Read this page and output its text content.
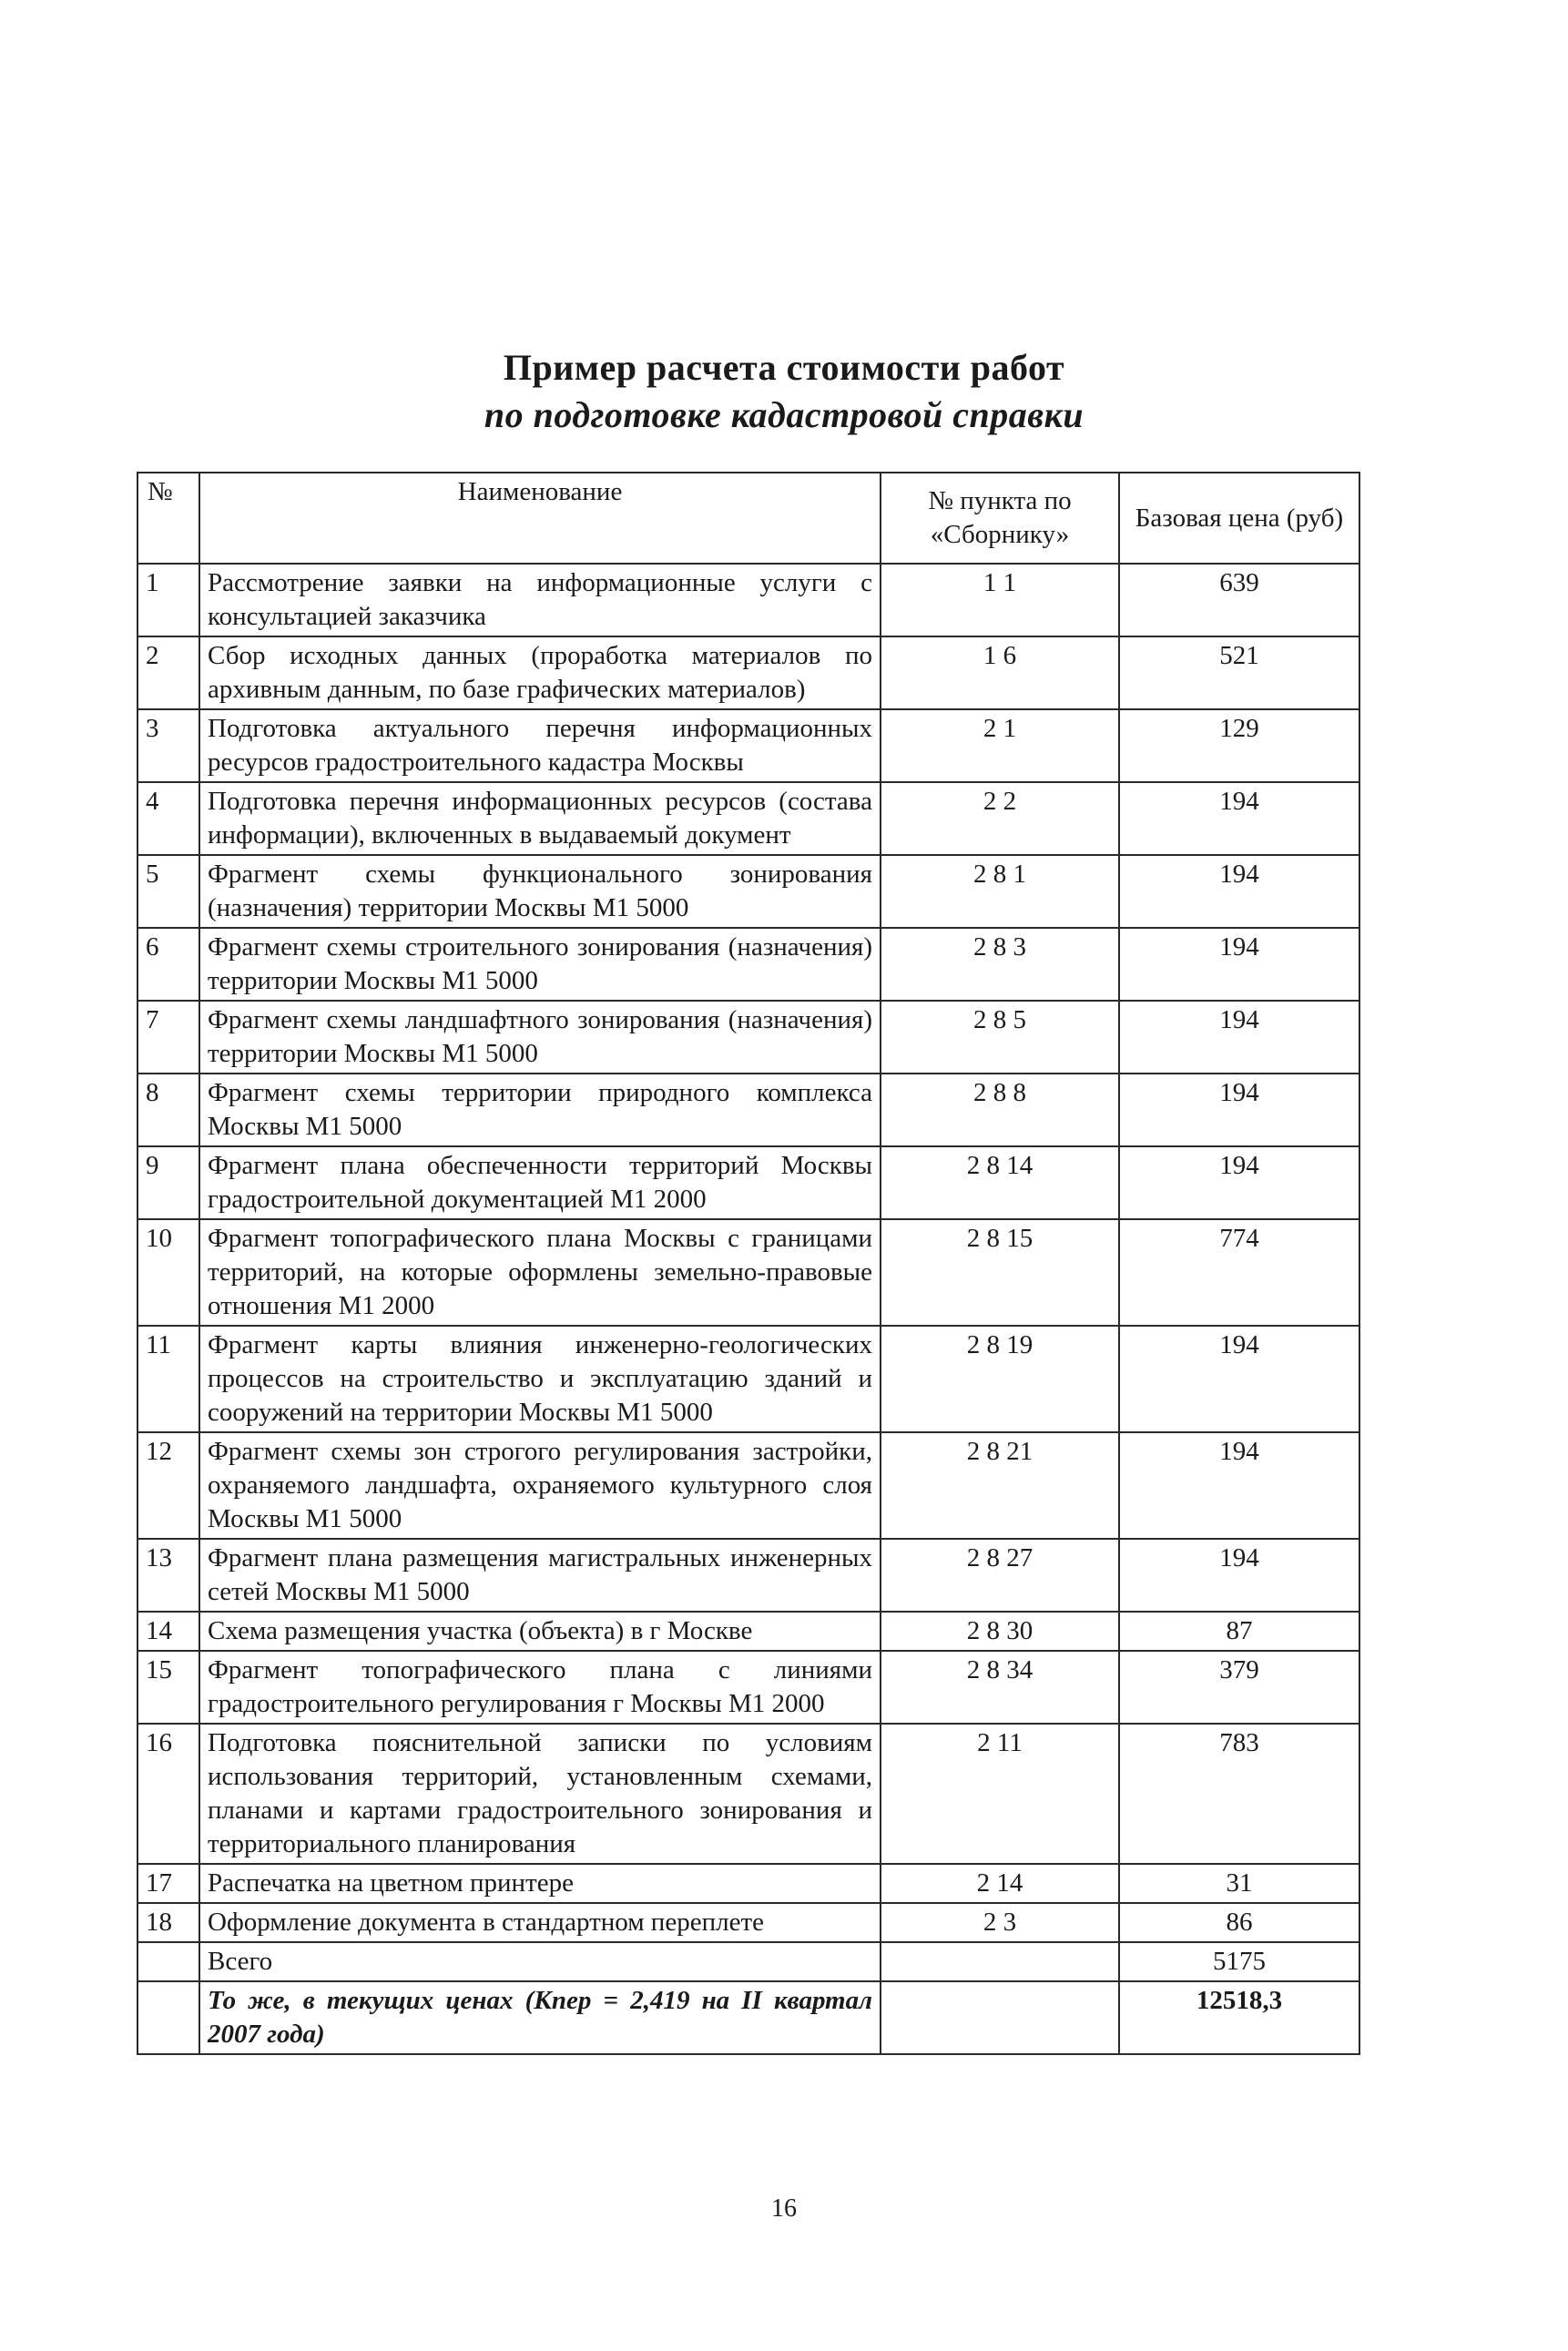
Пример расчета стоимости работ
по подготовке кадастровой справки
№	Наименование	№ пункта по «Сборнику»	Базовая цена (руб)
1	Рассмотрение заявки на информационные услуги с консультацией заказчика	1 1	639
2	Сбор исходных данных (проработка материалов по архивным данным, по базе графических материалов)	1 6	521
3	Подготовка актуального перечня информационных ресурсов градостроительного кадастра Москвы	2 1	129
4	Подготовка перечня информационных ресурсов (состава информации), включенных в выдаваемый документ	2 2	194
5	Фрагмент схемы функционального зонирования (назначения) территории Москвы М1 5000	2 8 1	194
6	Фрагмент схемы строительного зонирования (назначения) территории Москвы М1 5000	2 8 3	194
7	Фрагмент схемы ландшафтного зонирования (назначения) территории Москвы М1 5000	2 8 5	194
8	Фрагмент схемы территории природного комплекса Москвы М1 5000	2 8 8	194
9	Фрагмент плана обеспеченности территорий Москвы градостроительной документацией М1 2000	2 8 14	194
10	Фрагмент топографического плана Москвы с границами территорий, на которые оформлены земельно-правовые отношения М1 2000	2 8 15	774
11	Фрагмент карты влияния инженерно-геологических процессов на строительство и эксплуатацию зданий и сооружений на территории Москвы М1 5000	2 8 19	194
12	Фрагмент схемы зон строгого регулирования застройки, охраняемого ландшафта, охраняемого культурного слоя Москвы М1 5000	2 8 21	194
13	Фрагмент плана размещения магистральных инженерных сетей Москвы М1 5000	2 8 27	194
14	Схема размещения участка (объекта) в г Москве	2 8 30	87
15	Фрагмент топографического плана с линиями градостроительного регулирования г Москвы М1 2000	2 8 34	379
16	Подготовка пояснительной записки по условиям использования территорий, установленным схемами, планами и картами градостроительного зонирования и территориального планирования	2 11	783
17	Распечатка на цветном принтере	2 14	31
18	Оформление документа в стандартном переплете	2 3	86
	Всего		5175
	То же, в текущих ценах (Кпер = 2,419 на II квартал 2007 года)		12518,3
16
